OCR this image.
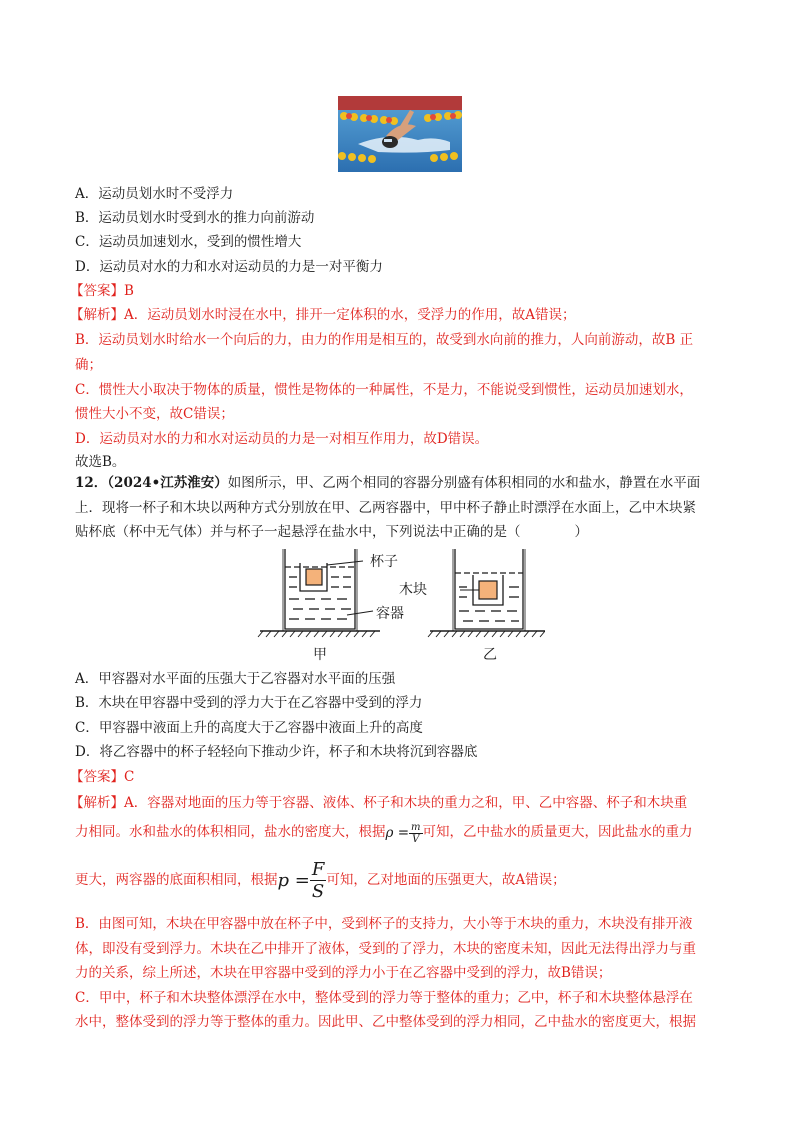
A．运动员划水时不受浮力
B．运动员划水时受到水的推力向前游动
C．运动员加速划水，受到的惯性增大
D．运动员对水的力和水对运动员的力是一对平衡力
【答案】B
【解析】A．运动员划水时浸在水中，排开一定体积的水，受浮力的作用，故A错误；
B．运动员划水时给水一个向后的力，由力的作用是相互的，故受到水向前的推力，人向前游动，故B 正
确；
C．惯性大小取决于物体的质量，惯性是物体的一种属性，不是力，不能说受到惯性，运动员加速划水，
惯性大小不变，故C错误；
D．运动员对水的力和水对运动员的力是一对相互作用力，故D错误。
故选B。
12．（2024•江苏淮安）如图所示，甲、乙两个相同的容器分别盛有体积相同的水和盐水，静置在水平面
上．现将一杯子和木块以两种方式分别放在甲、乙两容器中，甲中杯子静止时漂浮在水面上，乙中木块紧
贴杯底（杯中无气体）并与杯子一起悬浮在盐水中，下列说法中正确的是（　　　　）
杯子
木块
容器
甲	乙
A．甲容器对水平面的压强大于乙容器对水平面的压强
B．木块在甲容器中受到的浮力大于在乙容器中受到的浮力
C．甲容器中液面上升的高度大于乙容器中液面上升的高度
D．将乙容器中的杯子轻轻向下推动少许，杯子和木块将沉到容器底
【答案】C
【解析】A．容器对地面的压力等于容器、液体、杯子和木块的重力之和，甲、乙中容器、杯子和木块重
力相同。水和盐水的体积相同，盐水的密度大，根据$\rho = \frac{m}{V}$ 可知，乙中盐水的质量更大，因此盐水的重力
更大，两容器的底面积相同，根据$p = \frac{F}{S}$ 可知，乙对地面的压强更大，故A错误；
B．由图可知，木块在甲容器中放在杯子中，受到杯子的支持力，大小等于木块的重力，木块没有排开液
体，即没有受到浮力。木块在乙中排开了液体，受到的了浮力，木块的密度未知，因此无法得出浮力与重
力的关系，综上所述，木块在甲容器中受到的浮力小于在乙容器中受到的浮力，故B错误；
C．甲中，杯子和木块整体漂浮在水中，整体受到的浮力等于整体的重力；乙中，杯子和木块整体悬浮在
水中，整体受到的浮力等于整体的重力。因此甲、乙中整体受到的浮力相同，乙中盐水的密度更大，根据
